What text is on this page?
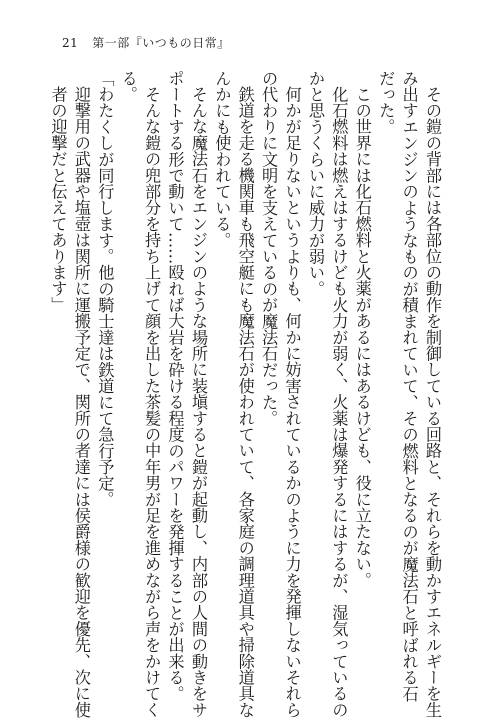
21 第一部『いつもの日常』
その鎧の背部には各部位の動作を制御している回路と、それらを動かすエネルギーを生
み出すエンジンのようなものが積まれていて、その燃料となるのが魔法石と呼ばれる石
だった。
この世界には化石燃料と火薬があるにはあるけども、役に立たない。
化石燃料は燃えはするけども火力が弱く、火薬は爆発するにはするが、湿気っているの
かと思うくらいに威力が弱い。
何かが足りないというよりも、何かに妨害されているかのように力を発揮しないそれら
の代わりに文明を支えているのが魔法石だった。
鉄道を走る機関車も飛空艇にも魔法石が使われていて、各家庭の調理道具や掃除道具な
んかにも使われている。
そんな魔法石をエンジンのような場所に装塡すると鎧が起動し、内部の人間の動きをサ
ポートする形で動いて……殴れば大岩を砕ける程度のパワーを発揮することが出来る。
そんな鎧の兜部分を持ち上げて顔を出した茶髪の中年男が足を進めながら声をかけてく
る。
「わたくしが同行します。他の騎士達は鉄道にて急行予定。
迎撃用の武器や塩壺は関所に運搬予定で、関所の者達には侯爵様の歓迎を優先、次に使
者の迎撃だと伝えてあります」
